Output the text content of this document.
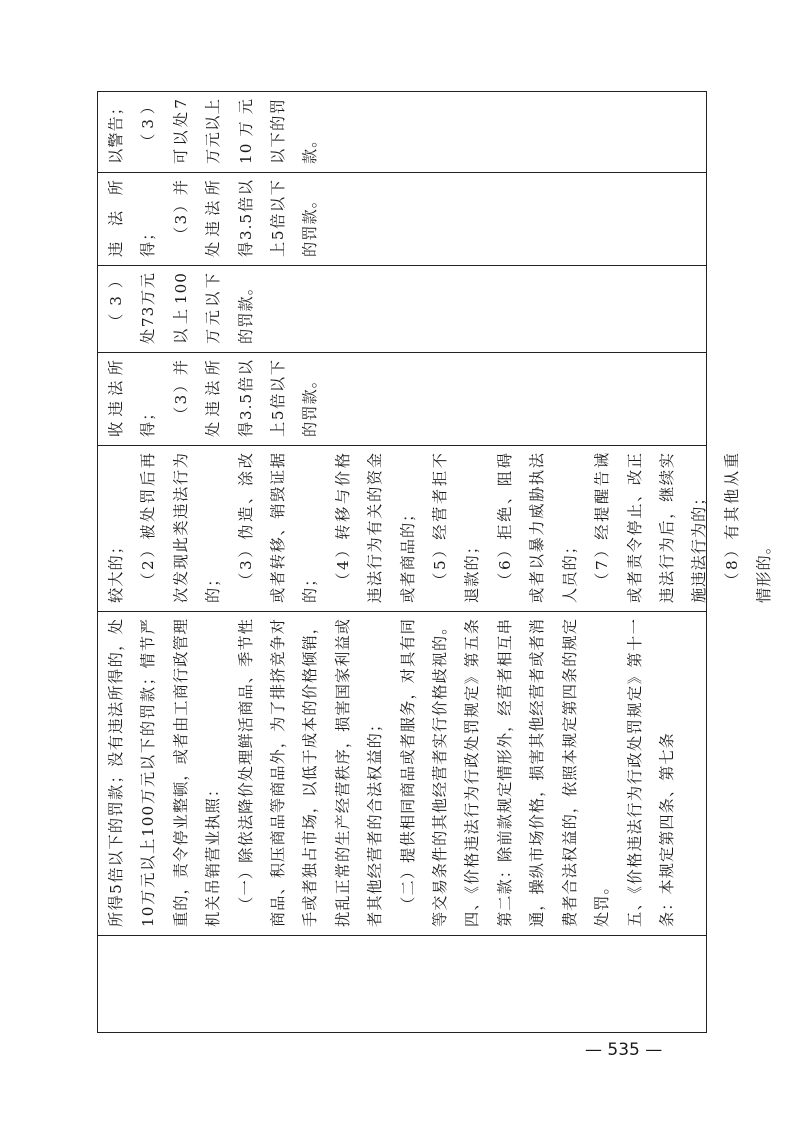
以警告； （3）可以处7万元以上10万元以下的罚款。

违法所得； （3）并处违法所得3.5倍以上5倍以下的罚款。

（3）处73万元以上100万元以下的罚款。

收违法所得； （3）并处违法所得3.5倍以上5倍以下的罚款。

较大的； （2）被处罚后再次发现此类违法行为的； （3）伪造、涂改或者转移、销毁证据的； （4）转移与价格违法行为有关的资金或者商品的； （5）经营者拒不退款的； （6）拒绝、阻碍或者以暴力威胁执法人员的； （7）经提醒告诫或者责令停止、改正违法行为后，继续实施违法行为的； （8）有其他从重情形的。

所得5倍以下的罚款；没有违法所得的，处10万元以上100万元以下的罚款；情节严重的，责令停业整顿，或者由工商行政管理机关吊销营业执照： （一）除依法降价处理鲜活商品、季节性商品、积压商品等商品外，为了排挤竞争对手或者独占市场，以低于成本的价格倾销，扰乱正常的生产经营秩序，损害国家利益或者其他经营者的合法权益的； （二）提供相同商品或者服务，对具有同等交易条件的其他经营者实行价格歧视的。 四、《价格违法行为行政处罚规定》第五条第二款：除前款规定情形外，经营者相互串通，操纵市场价格，损害其他经营者或者消费者合法权益的，依照本规定第四条的规定处罚。 五、《价格违法行为行政处罚规定》第十一条：本规定第四条、第七条

— 535 —
